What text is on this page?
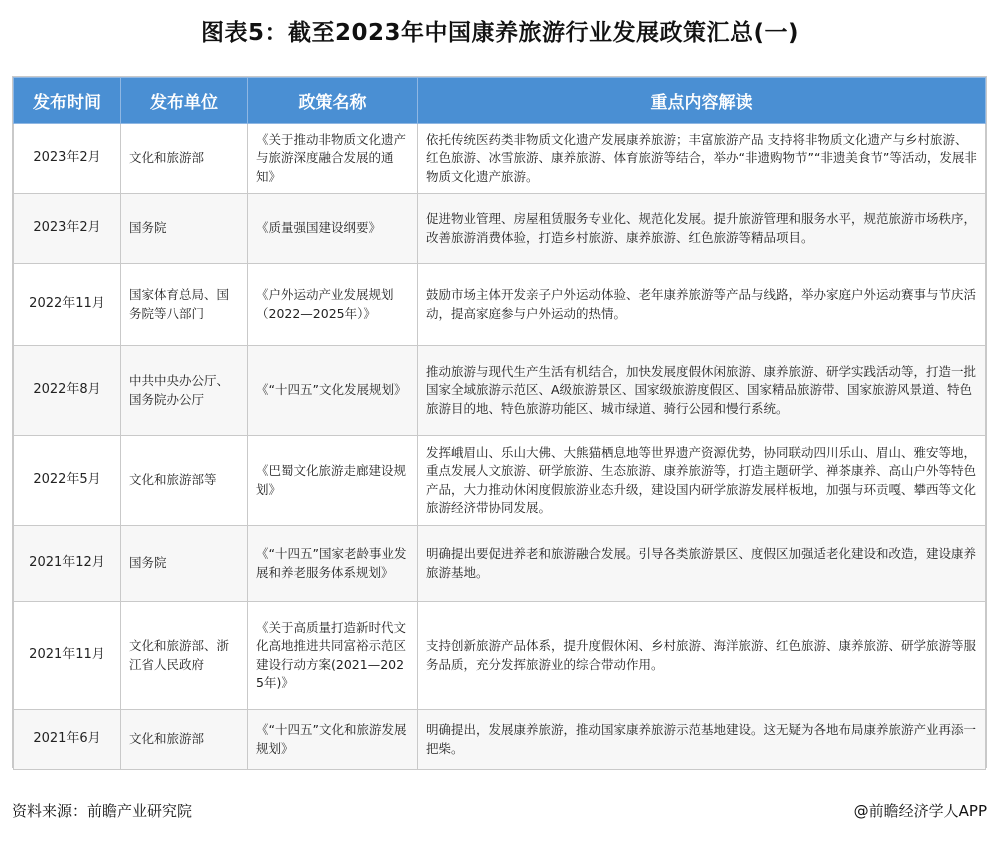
图表5：截至2023年中国康养旅游行业发展政策汇总(一)
发布时间	发布单位	政策名称	重点内容解读
2023年2月	文化和旅游部	《关于推动非物质文化遗产与旅游深度融合发展的通知》	依托传统医药类非物质文化遗产发展康养旅游；丰富旅游产品 支持将非物质文化遗产与乡村旅游、红色旅游、冰雪旅游、康养旅游、体育旅游等结合，举办“非遗购物节”“非遗美食节”等活动，发展非物质文化遗产旅游。
2023年2月	国务院	《质量强国建设纲要》	促进物业管理、房屋租赁服务专业化、规范化发展。提升旅游管理和服务水平，规范旅游市场秩序，改善旅游消费体验，打造乡村旅游、康养旅游、红色旅游等精品项目。
2022年11月	国家体育总局、国务院等八部门	《户外运动产业发展规划（2022—2025年）》	鼓励市场主体开发亲子户外运动体验、老年康养旅游等产品与线路，举办家庭户外运动赛事与节庆活动，提高家庭参与户外运动的热情。
2022年8月	中共中央办公厅、国务院办公厅	《“十四五”文化发展规划》	推动旅游与现代生产生活有机结合，加快发展度假休闲旅游、康养旅游、研学实践活动等，打造一批国家全域旅游示范区、A级旅游景区、国家级旅游度假区、国家精品旅游带、国家旅游风景道、特色旅游目的地、特色旅游功能区、城市绿道、骑行公园和慢行系统。
2022年5月	文化和旅游部等	《巴蜀文化旅游走廊建设规划》	发挥峨眉山、乐山大佛、大熊猫栖息地等世界遗产资源优势，协同联动四川乐山、眉山、雅安等地，重点发展人文旅游、研学旅游、生态旅游、康养旅游等，打造主题研学、禅茶康养、高山户外等特色产品，大力推动休闲度假旅游业态升级，建设国内研学旅游发展样板地，加强与环贡嘎、攀西等文化旅游经济带协同发展。
2021年12月	国务院	《“十四五”国家老龄事业发展和养老服务体系规划》	明确提出要促进养老和旅游融合发展。引导各类旅游景区、度假区加强适老化建设和改造，建设康养旅游基地。
2021年11月	文化和旅游部、浙江省人民政府	《关于高质量打造新时代文化高地推进共同富裕示范区建设行动方案(2021—2025年)》	支持创新旅游产品体系，提升度假休闲、乡村旅游、海洋旅游、红色旅游、康养旅游、研学旅游等服务品质，充分发挥旅游业的综合带动作用。
2021年6月	文化和旅游部	《“十四五”文化和旅游发展规划》	明确提出，发展康养旅游，推动国家康养旅游示范基地建设。这无疑为各地布局康养旅游产业再添一把柴。
资料来源：前瞻产业研究院	@前瞻经济学人APP
